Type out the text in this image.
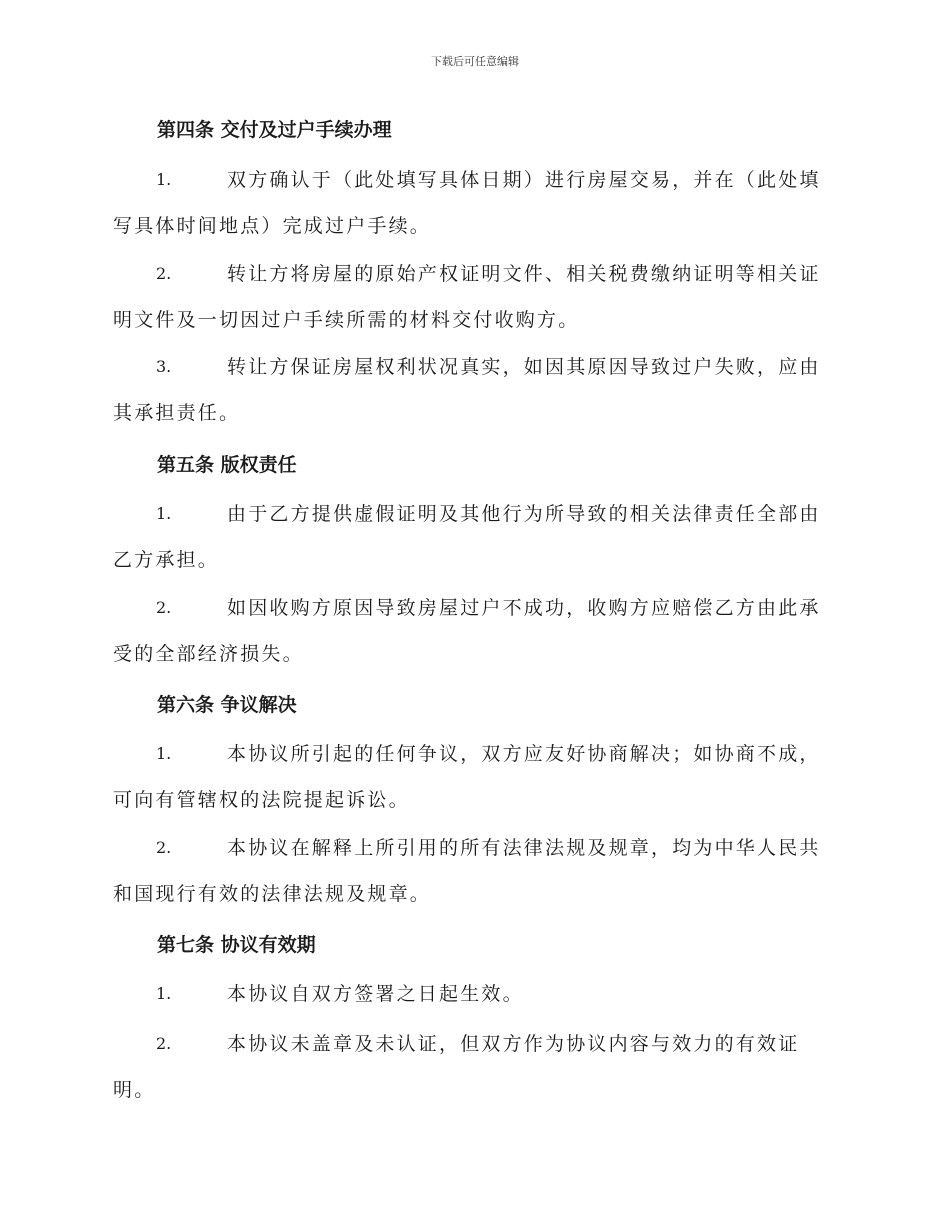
下载后可任意编辑
第四条 交付及过户手续办理
1.	双方确认于（此处填写具体日期）进行房屋交易，并在（此处填
写具体时间地点）完成过户手续。
2.	转让方将房屋的原始产权证明文件、相关税费缴纳证明等相关证
明文件及一切因过户手续所需的材料交付收购方。
3.	转让方保证房屋权利状况真实，如因其原因导致过户失败，应由
其承担责任。
第五条 版权责任
1.	由于乙方提供虚假证明及其他行为所导致的相关法律责任全部由
乙方承担。
2.	如因收购方原因导致房屋过户不成功，收购方应赔偿乙方由此承
受的全部经济损失。
第六条 争议解决
1.	本协议所引起的任何争议，双方应友好协商解决；如协商不成，
可向有管辖权的法院提起诉讼。
2.	本协议在解释上所引用的所有法律法规及规章，均为中华人民共
和国现行有效的法律法规及规章。
第七条 协议有效期
1.	本协议自双方签署之日起生效。
2.	本协议未盖章及未认证，但双方作为协议内容与效力的有效证
明。
